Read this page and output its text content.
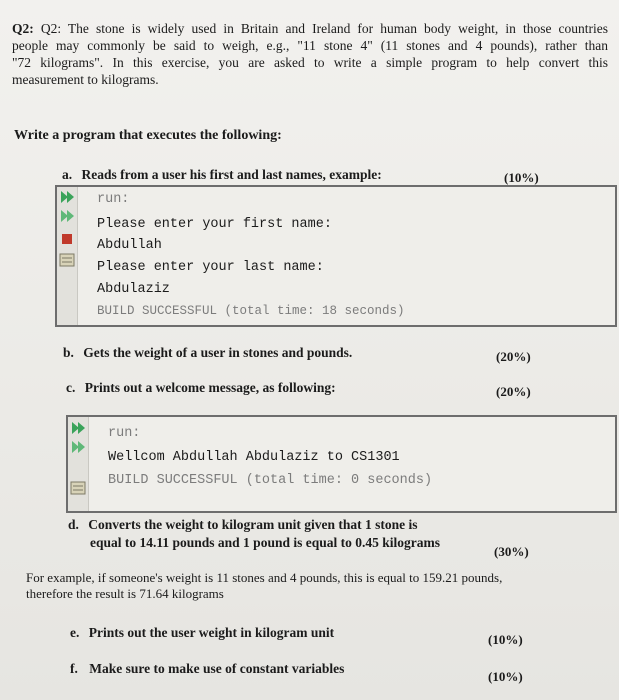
Q2: Q2: The stone is widely used in Britain and Ireland for human body weight, in those countries
people may commonly be said to weigh, e.g., "11 stone 4" (11 stones and 4 pounds), rather than
"72 kilograms". In this exercise, you are asked to write a simple program to help convert this
measurement to kilograms.
Write a program that executes the following:
a. Reads from a user his first and last names, example:	(10%)
run:
Please enter your first name:
Abdullah
Please enter your last name:
Abdulaziz
BUILD SUCCESSFUL (total time: 18 seconds)
b. Gets the weight of a user in stones and pounds.	(20%)
c. Prints out a welcome message, as following:	(20%)
run:
Wellcom Abdullah Abdulaziz to CS1301
BUILD SUCCESSFUL (total time: 0 seconds)
d. Converts the weight to kilogram unit given that 1 stone is
equal to 14.11 pounds and 1 pound is equal to 0.45 kilograms
(30%)
For example, if someone's weight is 11 stones and 4 pounds, this is equal to 159.21 pounds,
therefore the result is 71.64 kilograms
e. Prints out the user weight in kilogram unit	(10%)
f. Make sure to make use of constant variables
(10%)
